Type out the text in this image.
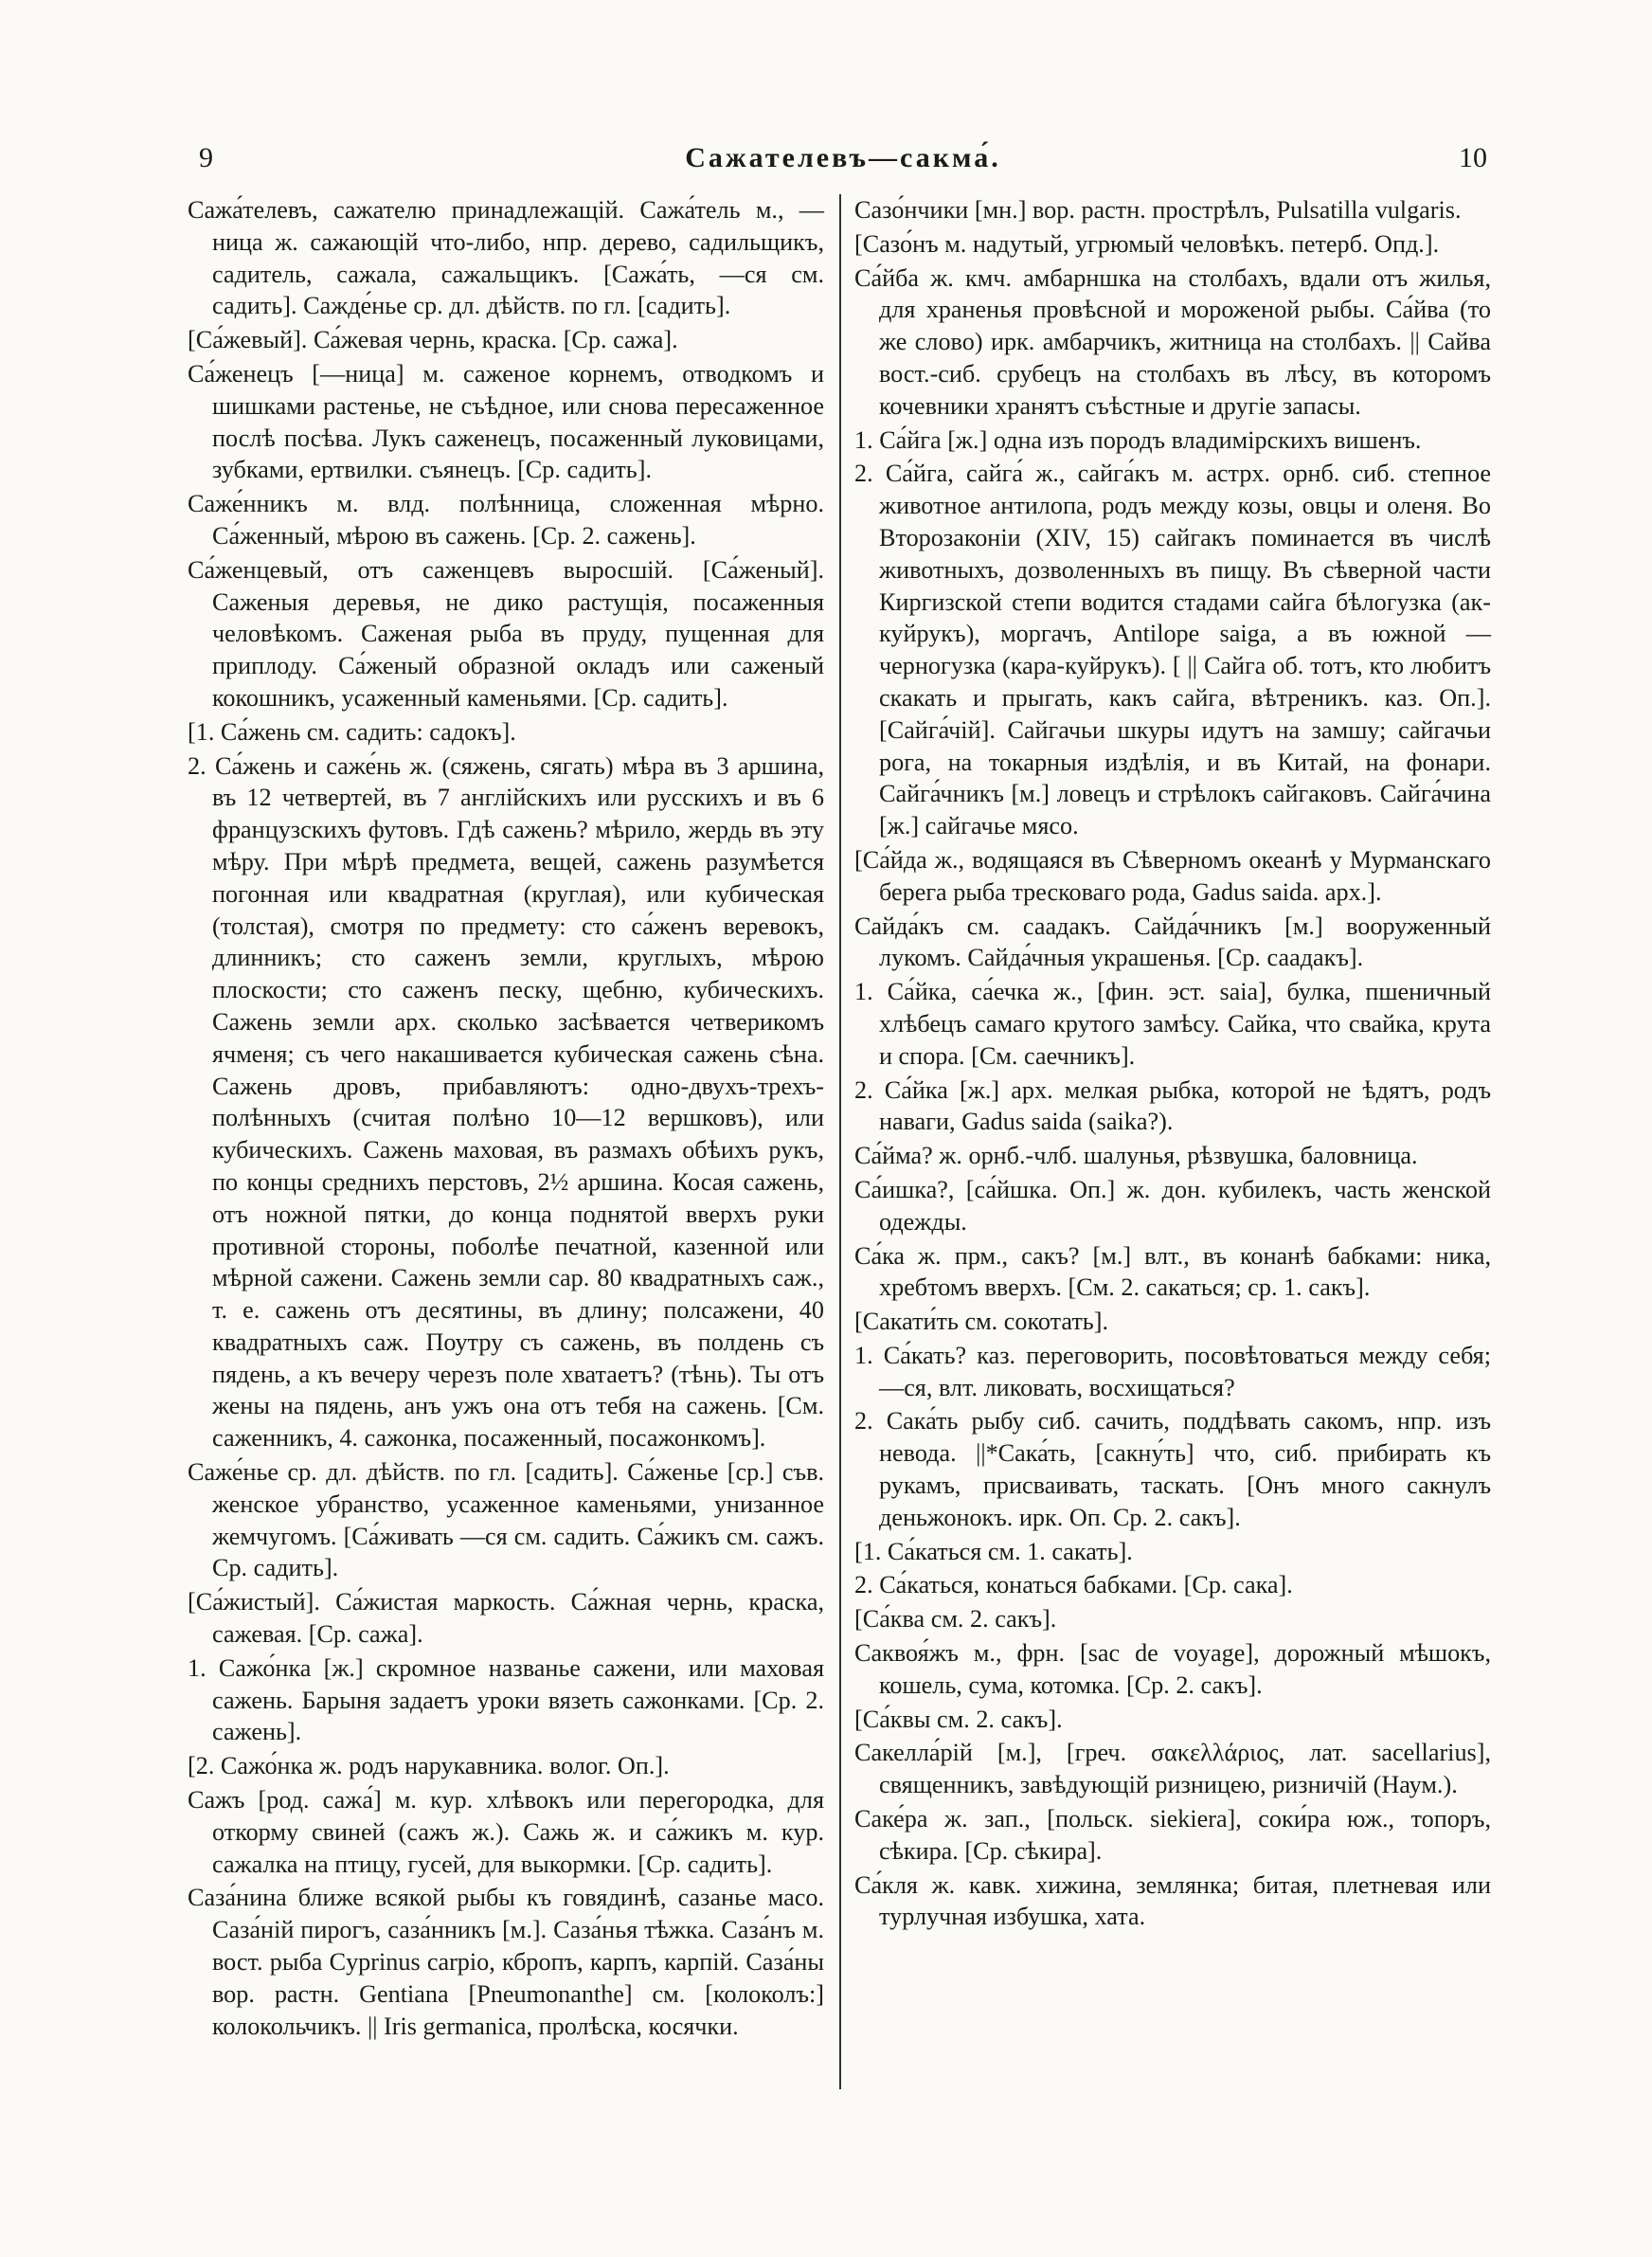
9	Сажателевъ—сакма́.	10

Сажа́телевъ, сажателю принадлежащій. Сажа́тель м., —ница ж. сажающій что-либо, нпр. дерево, садильщикъ, садитель, сажала, сажальщикъ. [Сажа́ть, —ся см. садить]. Сажде́нье ср. дл. дѣйств. по гл. [садить].

[Са́жевый]. Са́жевая чернь, краска. [Ср. сажа].

Са́женецъ [—ница] м. саженое корнемъ, отводкомъ и шишками растенье, не съѣдное, или снова пересаженное послѣ посѣва. Лукъ саженецъ, посаженный луковицами, зубками, ертвилки. съянецъ. [Ср. садить].

Саже́нникъ м. влд. полѣнница, сложенная мѣрно. Са́женный, мѣрою въ сажень. [Ср. 2. сажень].

Са́женцевый, отъ саженцевъ выросшій. [Са́женый]. Саженыя деревья, не дико растущія, посаженныя человѣкомъ. Саженая рыба въ пруду, пущенная для приплоду. Са́женый образной окладъ или саженый кокошникъ, усаженный каменьями. [Ср. садить].

[1. Са́жень см. садить: садокъ].

2. Са́жень и саже́нь ж. (сяжень, сягать) мѣра въ 3 аршина, въ 12 четвертей, въ 7 англійскихъ или русскихъ и въ 6 французскихъ футовъ. Гдѣ сажень? мѣрило, жердь въ эту мѣру. При мѣрѣ предмета, вещей, сажень разумѣется погонная или квадратная (круглая), или кубическая (толстая), смотря по предмету: сто са́женъ веревокъ, длинникъ; сто саженъ земли, круглыхъ, мѣрою плоскости; сто саженъ песку, щебню, кубическихъ. Сажень земли арх. сколько засѣвается четверикомъ ячменя; съ чего накашивается кубическая сажень сѣна. Сажень дровъ, прибавляютъ: одно-двухъ-трехъ-полѣнныхъ (считая полѣно 10—12 вершковъ), или кубическихъ. Сажень маховая, въ размахъ обѣихъ рукъ, по концы среднихъ перстовъ, 2½ аршина. Косая сажень, отъ ножной пятки, до конца поднятой вверхъ руки противной стороны, поболѣе печатной, казенной или мѣрной сажени. Сажень земли сар. 80 квадратныхъ саж., т. е. сажень отъ десятины, въ длину; полсажени, 40 квадратныхъ саж. Поутру съ сажень, въ полдень съ пядень, а къ вечеру черезъ поле хватаетъ? (тѣнь). Ты отъ жены на пядень, анъ ужъ она отъ тебя на сажень. [См. саженникъ, 4. сажонка, посаженный, посажонкомъ].

Саже́нье ср. дл. дѣйств. по гл. [садить]. Са́женье [ср.] съв. женское убранство, усаженное каменьями, унизанное жемчугомъ. [Са́живать —ся см. садить. Са́жикъ см. сажъ. Ср. садить].

[Са́жистый]. Са́жистая маркость. Са́жная чернь, краска, сажевая. [Ср. сажа].

1. Сажо́нка [ж.] скромное названье сажени, или маховая сажень. Барыня задаетъ уроки вязеть сажонками. [Ср. 2. сажень].

[2. Сажо́нка ж. родъ нарукавника. волог. Оп.].

Сажъ [род. сажа́] м. кур. хлѣвокъ или перегородка, для откорму свиней (сажъ ж.). Сажь ж. и са́жикъ м. кур. сажалка на птицу, гусей, для выкормки. [Ср. садить].

Саза́нина ближе всякой рыбы къ говядинѣ, сазанье масо. Саза́ній пирогъ, саза́нникъ [м.]. Саза́нья тѣжка. Саза́нъ м. вост. рыба Cyprinus carpio, кбропъ, карпъ, карпій. Саза́ны вор. растн. Gentiana [Pneumonanthe] см. [колоколъ:] колокольчикъ. || Iris germanica, пролѣска, косячки.

Сазо́нчики [мн.] вор. растн. прострѣлъ, Pulsatilla vulgaris.

[Сазо́нъ м. надутый, угрюмый человѣкъ. петерб. Опд.].

Са́йба ж. кмч. амбарншка на столбахъ, вдали отъ жилья, для храненья провѣсной и мороженой рыбы. Са́йва (то же слово) ирк. амбарчикъ, житница на столбахъ. || Сайва вост.-сиб. срубецъ на столбахъ въ лѣсу, въ которомъ кочевники хранятъ съѣстные и другіе запасы.

1. Са́йга [ж.] одна изъ породъ владимірскихъ вишенъ.

2. Са́йга, сайга́ ж., сайга́къ м. астрх. орнб. сиб. степное животное антилопа, родъ между козы, овцы и оленя. Во Второзаконіи (XIV, 15) сайгакъ поминается въ числѣ животныхъ, дозволенныхъ въ пищу. Въ сѣверной части Киргизской степи водится стадами сайга бѣлогузка (ак-куйрукъ), моргачъ, Antilope saiga, а въ южной — черногузка (кара-куйрукъ). [ || Сайга об. тотъ, кто любитъ скакать и прыгать, какъ сайга, вѣтреникъ. каз. Оп.]. [Сайга́чій]. Сайгачьи шкуры идутъ на замшу; сайгачьи рога, на токарныя издѣлія, и въ Китай, на фонари. Сайга́чникъ [м.] ловецъ и стрѣлокъ сайгаковъ. Сайга́чина [ж.] сайгачье мясо.

[Са́йда ж., водящаяся въ Сѣверномъ океанѣ у Мурманскаго берега рыба тресковаго рода, Gadus saida. арх.].

Сайда́къ см. саадакъ. Сайда́чникъ [м.] вооруженный лукомъ. Сайда́чныя украшенья. [Ср. саадакъ].

1. Са́йка, са́ечка ж., [фин. эст. saia], булка, пшеничный хлѣбецъ самаго крутого замѣсу. Сайка, что свайка, крута и спора. [См. саечникъ].

2. Са́йка [ж.] арх. мелкая рыбка, которой не ѣдятъ, родъ наваги, Gadus saida (saika?).

Са́йма? ж. орнб.-члб. шалунья, рѣзвушка, баловница.

Са́ишка?, [са́йшка. Оп.] ж. дон. кубилекъ, часть женской одежды.

Са́ка ж. прм., сакъ? [м.] влт., въ конанѣ бабками: ника, хребтомъ вверхъ. [См. 2. сакаться; ср. 1. сакъ].

[Сакати́ть см. сокотать].

1. Са́кать? каз. переговорить, посовѣтоваться между себя; —ся, влт. ликовать, восхищаться?

2. Сака́ть рыбу сиб. сачить, поддѣвать сакомъ, нпр. изъ невода. ||*Сака́ть, [сакну́ть] что, сиб. прибирать къ рукамъ, присваивать, таскать. [Онъ много сакнулъ деньжонокъ. ирк. Оп. Ср. 2. сакъ].

[1. Са́каться см. 1. сакать].

2. Са́каться, конаться бабками. [Ср. сака].

[Са́ква см. 2. сакъ].

Саквоя́жъ м., фрн. [sac de voyage], дорожный мѣшокъ, кошель, сума, котомка. [Ср. 2. сакъ].

[Са́квы см. 2. сакъ].

Сакелла́рій [м.], [греч. σακελλάριος, лат. sacellarius], священникъ, завѣдующій ризницею, ризничій (Наум.).

Саке́ра ж. зап., [польск. siekiera], соки́ра юж., топоръ, сѣкира. [Ср. сѣкира].

Са́кля ж. кавк. хижина, землянка; битая, плетневая или турлучная избушка, хата.
